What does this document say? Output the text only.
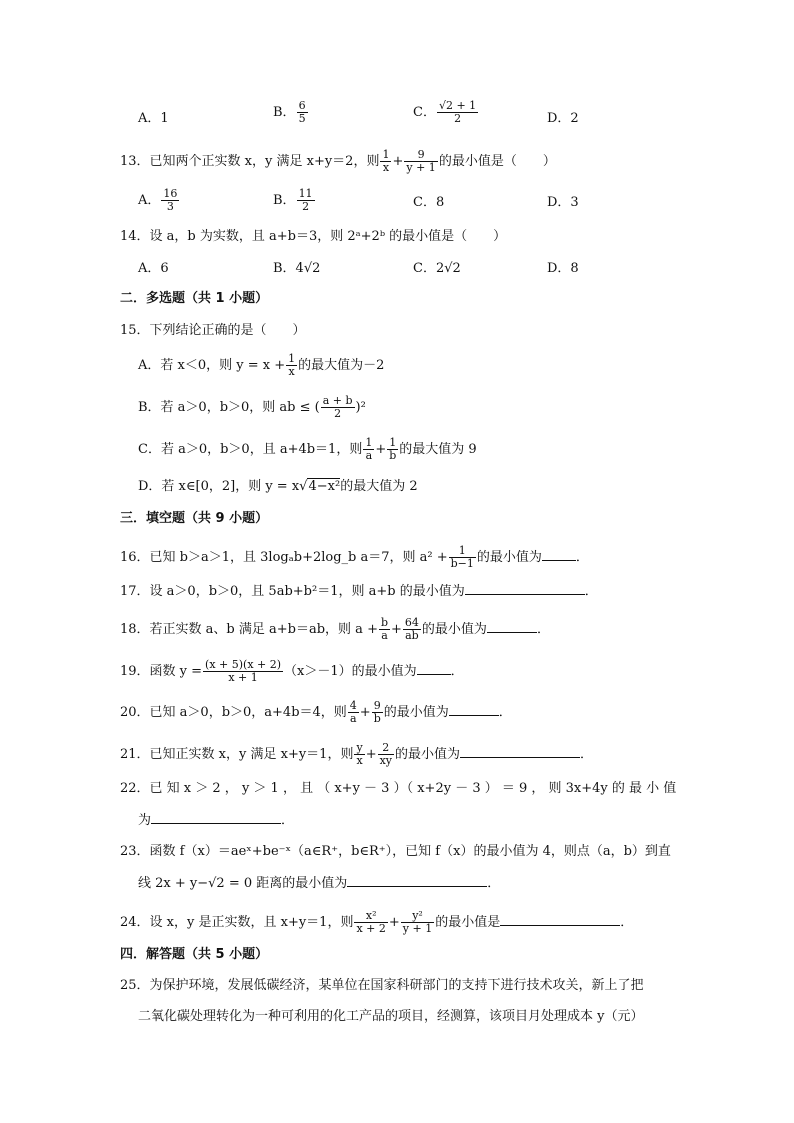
A．1	B． $\frac{6}{5}$	C． $\frac{√2 + 1}{2}$	D．2
13．已知两个正实数 x，y 满足 x+y＝2，则 $\frac{1}{x} + \frac{9}{y + 1}$ 的最小值是（　　）
A． $\frac{16}{3}$	B． $\frac{11}{2}$	C．8	D．3
14．设 a，b 为实数，且 a+b＝3，则 2ᵃ+2ᵇ 的最小值是（　　）
A．6	B．4√2	C．2√2	D．8
二．多选题（共 1 小题）
15．下列结论正确的是（　　）
A．若 x＜0，则 $y = x + \frac{1}{x}$ 的最大值为－2
B．若 a＞0，b＞0，则 ab ≤ ( $\frac{a + b}{2} )^2$
C．若 a＞0，b＞0，且 a+4b＝1，则 $\frac{1}{a} + \frac{1}{b}$ 的最大值为 9
D．若 x∈[0，2]，则 y = x√4−x²的最大值为 2
三．填空题（共 9 小题）
16．已知 b＞a＞1，且 3logₐb+2log_b a＝7，则 $a^2 + \frac{1}{b-1}$ 的最小值为	．
17．设 a＞0，b＞0，且 5ab+b²＝1，则 a+b 的最小值为	．
18．若正实数 a、b 满足 a+b＝ab，则 $a + \frac{b}{a} + \frac{64}{ab}$ 的最小值为	．
19．函数 $y = \frac{(x + 5)(x + 2)}{x + 1} (x>-1)$的最小值为	．
20．已知 a＞0，b＞0，a+4b＝4，则 $\frac{4}{a} + \frac{9}{b}$ 的最小值为	．
21．已知正实数 x，y 满足 x+y＝1，则 $\frac{y}{x} + \frac{2}{xy}$ 的最小值为	．
22．已 知 x ＞ 2 ， y ＞ 1 ， 且 （ x+y － 3 ）（ x+2y － 3 ） ＝ 9 ， 则 3x+4y 的 最 小 值
为	．
23．函数 f（x）＝aeˣ+be⁻ˣ（a∈R⁺，b∈R⁺），已知 f（x）的最小值为 4，则点（a，b）到直
线 2x + y−√2 = 0 距离的最小值为	．
24．设 x，y 是正实数，且 x+y＝1，则 $\frac{\text{x²}}{x + 2} + \frac{\text{y²}}{y + 1}$ 的最小值是	．
四．解答题（共 5 小题）
25．为保护环境，发展低碳经济，某单位在国家科研部门的支持下进行技术攻关，新上了把
二氧化碳处理转化为一种可利用的化工产品的项目，经测算，该项目月处理成本 y（元）
